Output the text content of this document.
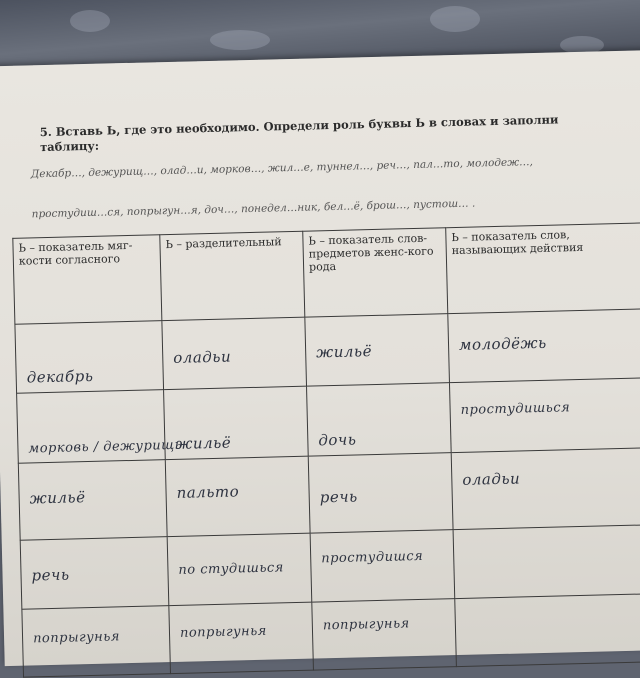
5. Вставь Ь, где это необходимо. Определи роль буквы Ь в словах и заполни таблицу:
Декабр…, дежурищ…, олад…и, морков…, жил…е, туннел…, реч…, пал…то, молодеж…,
простудиш…ся, попрыгун…я, доч…, понедел…ник, бел…ё, брош…, пустош… .
Ь – показатель мяг-кости согласного	Ь – разделительный	Ь – показатель слов-предметов женс-кого рода	Ь – показатель слов, называющих действия

декабрь	оладьи	жильё	молодёжь

морковь / дежурищь	жильё	дочь	простудишься

жильё	пальто	речь	оладьи

речь	по студишься	простудишся	

попрыгунья	попрыгунья	попрыгунья	
